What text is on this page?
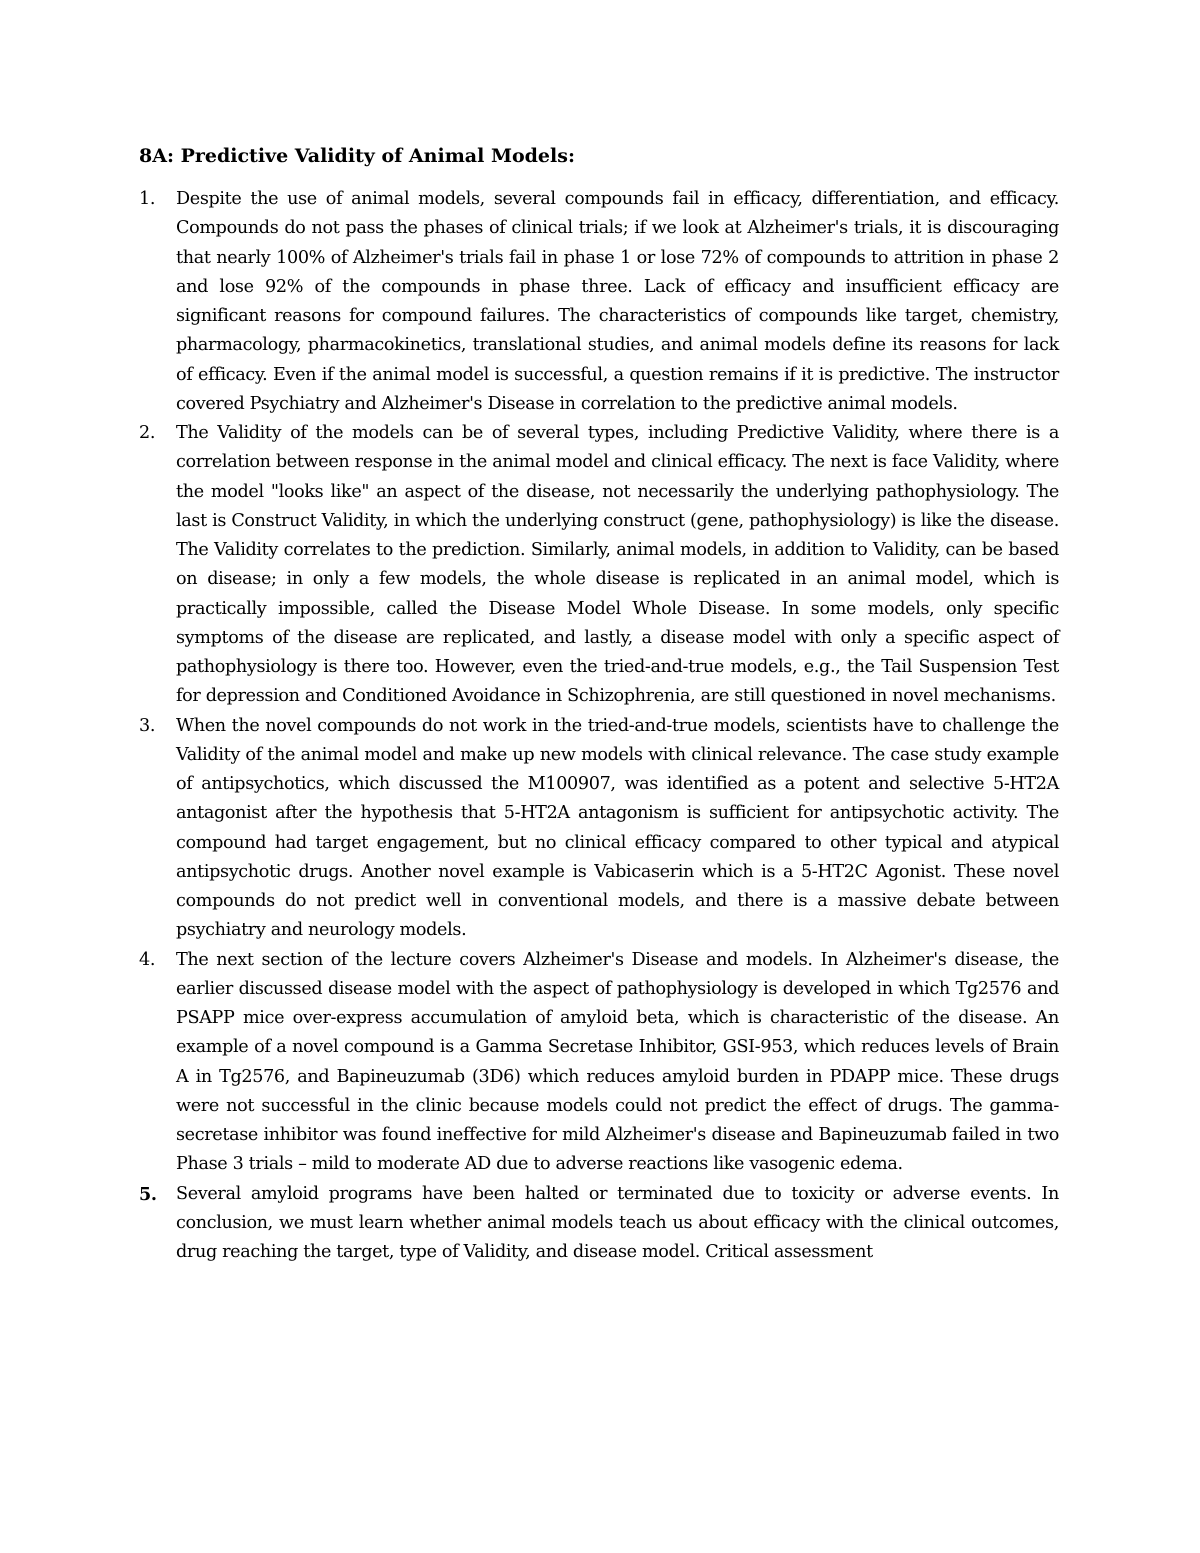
8A: Predictive Validity of Animal Models:
1. Despite the use of animal models, several compounds fail in efficacy, differentiation, and efficacy. Compounds do not pass the phases of clinical trials; if we look at Alzheimer's trials, it is discouraging that nearly 100% of Alzheimer's trials fail in phase 1 or lose 72% of compounds to attrition in phase 2 and lose 92% of the compounds in phase three. Lack of efficacy and insufficient efficacy are significant reasons for compound failures. The characteristics of compounds like target, chemistry, pharmacology, pharmacokinetics, translational studies, and animal models define its reasons for lack of efficacy. Even if the animal model is successful, a question remains if it is predictive. The instructor covered Psychiatry and Alzheimer's Disease in correlation to the predictive animal models.
2. The Validity of the models can be of several types, including Predictive Validity, where there is a correlation between response in the animal model and clinical efficacy. The next is face Validity, where the model "looks like" an aspect of the disease, not necessarily the underlying pathophysiology. The last is Construct Validity, in which the underlying construct (gene, pathophysiology) is like the disease. The Validity correlates to the prediction. Similarly, animal models, in addition to Validity, can be based on disease; in only a few models, the whole disease is replicated in an animal model, which is practically impossible, called the Disease Model Whole Disease. In some models, only specific symptoms of the disease are replicated, and lastly, a disease model with only a specific aspect of pathophysiology is there too. However, even the tried-and-true models, e.g., the Tail Suspension Test for depression and Conditioned Avoidance in Schizophrenia, are still questioned in novel mechanisms.
3. When the novel compounds do not work in the tried-and-true models, scientists have to challenge the Validity of the animal model and make up new models with clinical relevance. The case study example of antipsychotics, which discussed the M100907, was identified as a potent and selective 5-HT2A antagonist after the hypothesis that 5-HT2A antagonism is sufficient for antipsychotic activity. The compound had target engagement, but no clinical efficacy compared to other typical and atypical antipsychotic drugs. Another novel example is Vabicaserin which is a 5-HT2C Agonist. These novel compounds do not predict well in conventional models, and there is a massive debate between psychiatry and neurology models.
4. The next section of the lecture covers Alzheimer's Disease and models. In Alzheimer's disease, the earlier discussed disease model with the aspect of pathophysiology is developed in which Tg2576 and PSAPP mice over-express accumulation of amyloid beta, which is characteristic of the disease. An example of a novel compound is a Gamma Secretase Inhibitor, GSI-953, which reduces levels of Brain A in Tg2576, and Bapineuzumab (3D6) which reduces amyloid burden in PDAPP mice. These drugs were not successful in the clinic because models could not predict the effect of drugs. The gamma-secretase inhibitor was found ineffective for mild Alzheimer's disease and Bapineuzumab failed in two Phase 3 trials – mild to moderate AD due to adverse reactions like vasogenic edema.
5. Several amyloid programs have been halted or terminated due to toxicity or adverse events. In conclusion, we must learn whether animal models teach us about efficacy with the clinical outcomes, drug reaching the target, type of Validity, and disease model. Critical assessment
